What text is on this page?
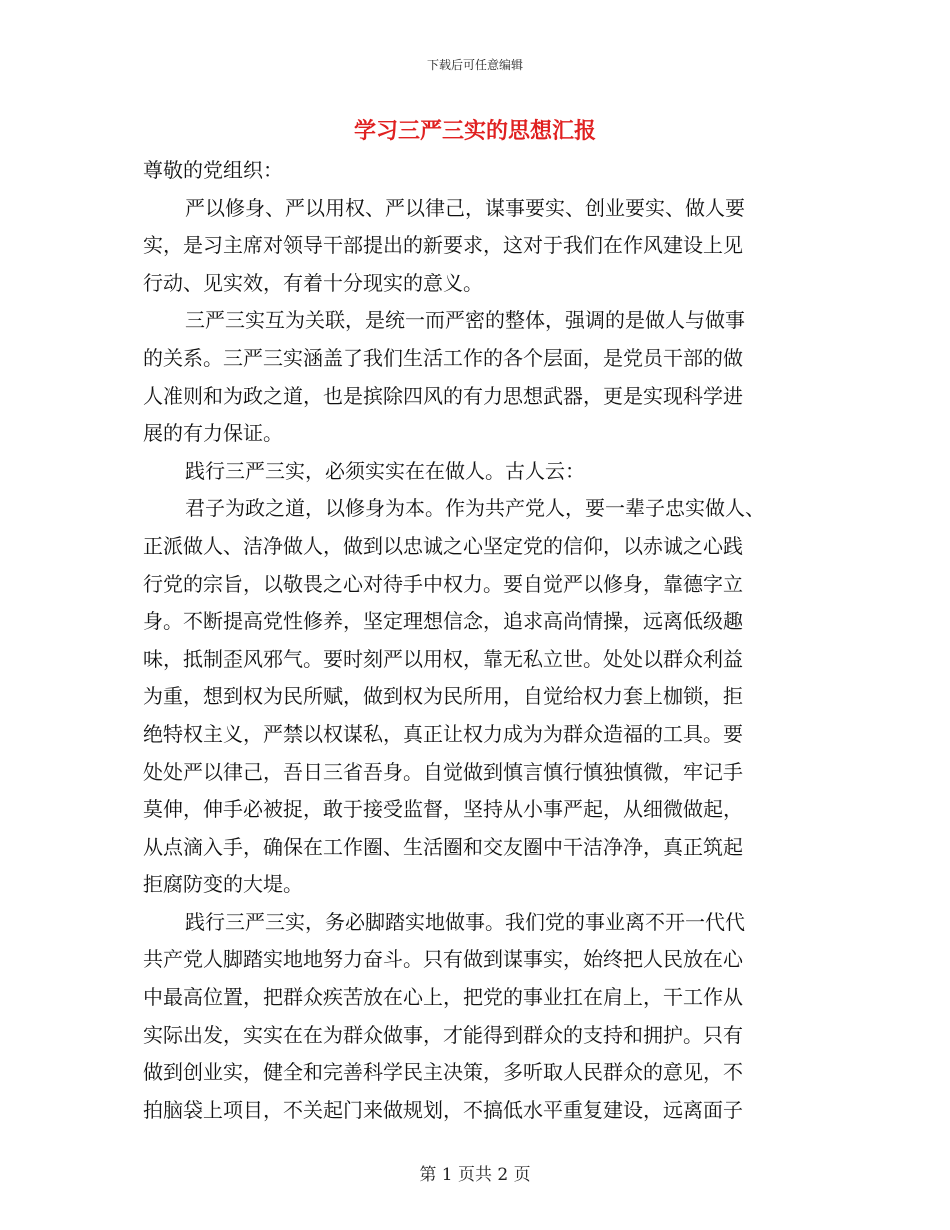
下载后可任意编辑
学习三严三实的思想汇报
尊敬的党组织：
严以修身、严以用权、严以律己，谋事要实、创业要实、做人要
实，是习主席对领导干部提出的新要求，这对于我们在作风建设上见
行动、见实效，有着十分现实的意义。
三严三实互为关联，是统一而严密的整体，强调的是做人与做事
的关系。三严三实涵盖了我们生活工作的各个层面，是党员干部的做
人准则和为政之道，也是摈除四风的有力思想武器，更是实现科学进
展的有力保证。
践行三严三实，必须实实在在做人。古人云：
君子为政之道，以修身为本。作为共产党人，要一辈子忠实做人、
正派做人、洁净做人，做到以忠诚之心坚定党的信仰，以赤诚之心践
行党的宗旨，以敬畏之心对待手中权力。要自觉严以修身，靠德字立
身。不断提高党性修养，坚定理想信念，追求高尚情操，远离低级趣
味，抵制歪风邪气。要时刻严以用权，靠无私立世。处处以群众利益
为重，想到权为民所赋，做到权为民所用，自觉给权力套上枷锁，拒
绝特权主义，严禁以权谋私，真正让权力成为为群众造福的工具。要
处处严以律己，吾日三省吾身。自觉做到慎言慎行慎独慎微，牢记手
莫伸，伸手必被捉，敢于接受监督，坚持从小事严起，从细微做起，
从点滴入手，确保在工作圈、生活圈和交友圈中干洁净净，真正筑起
拒腐防变的大堤。
践行三严三实，务必脚踏实地做事。我们党的事业离不开一代代
共产党人脚踏实地地努力奋斗。只有做到谋事实，始终把人民放在心
中最高位置，把群众疾苦放在心上，把党的事业扛在肩上，干工作从
实际出发，实实在在为群众做事，才能得到群众的支持和拥护。只有
做到创业实，健全和完善科学民主决策，多听取人民群众的意见，不
拍脑袋上项目，不关起门来做规划，不搞低水平重复建设，远离面子
第 1 页共 2 页
